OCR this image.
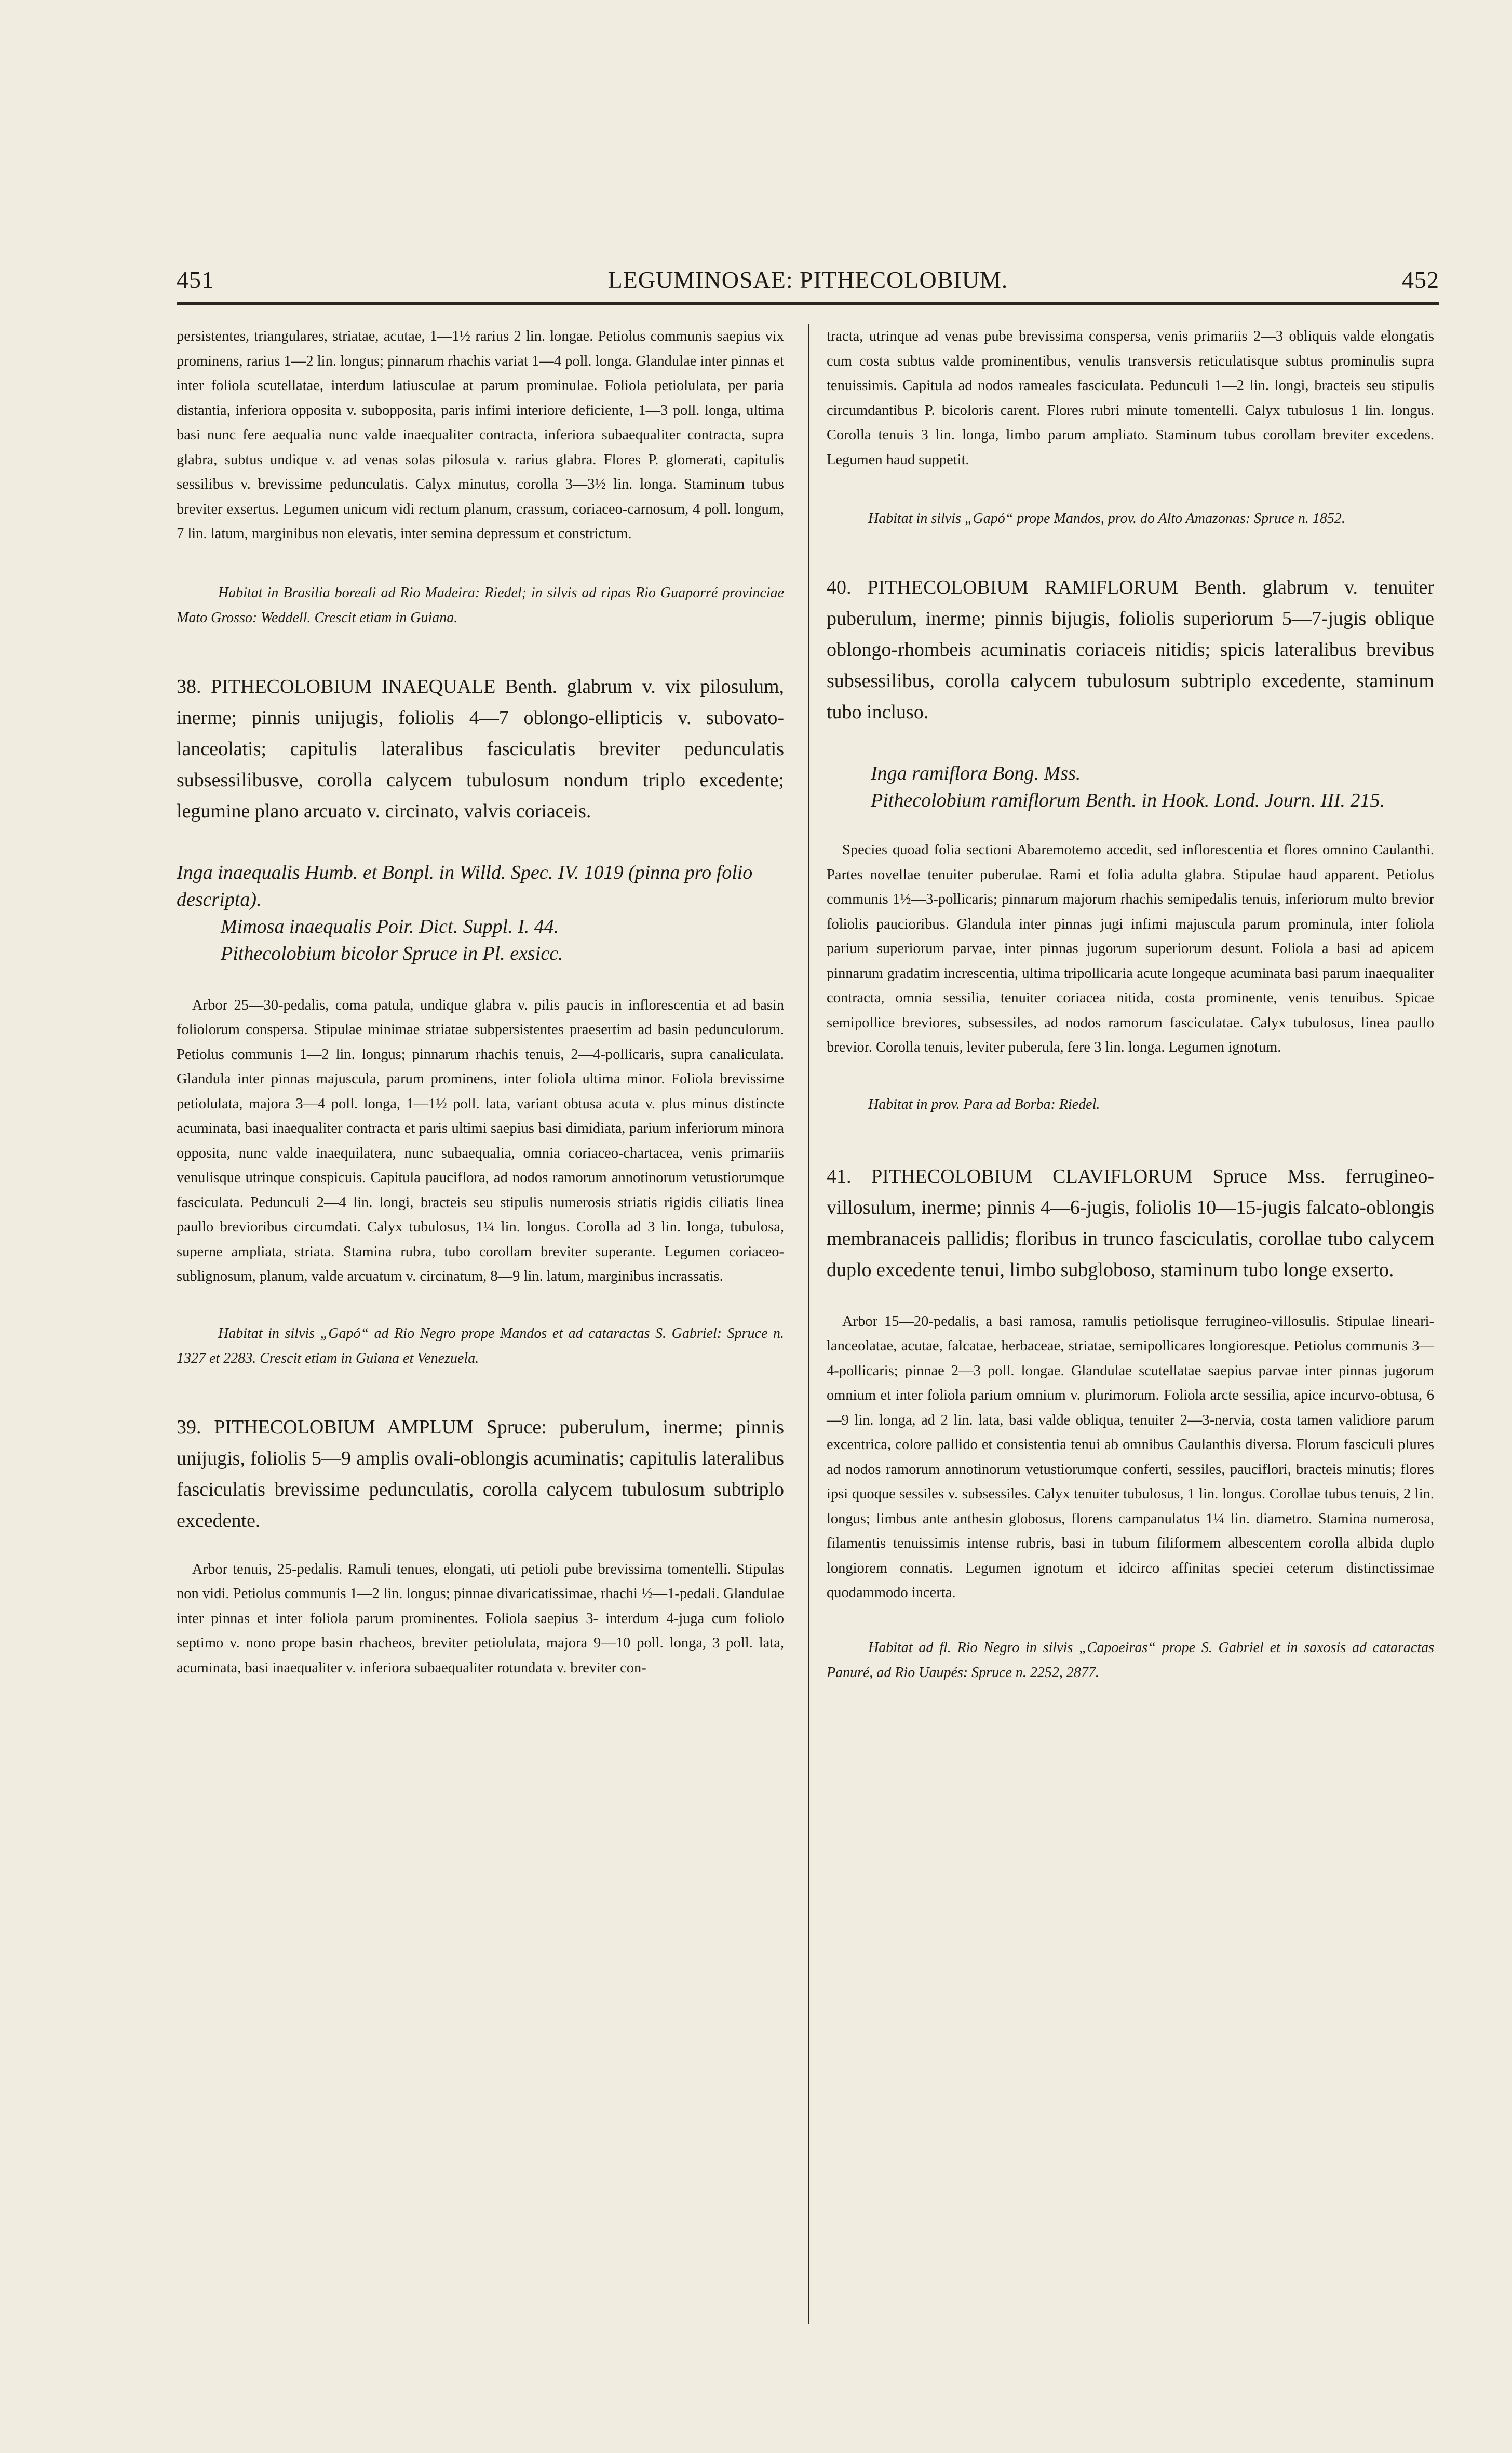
451	LEGUMINOSAE: PITHECOLOBIUM.	452

persistentes, triangulares, striatae, acutae, 1—1½ rarius 2 lin. longae. Petiolus communis saepius vix prominens, rarius 1—2 lin. longus; pinnarum rhachis variat 1—4 poll. longa. Glandulae inter pinnas et inter foliola scutellatae, interdum latiusculae at parum prominulae. Foliola petiolulata, per paria distantia, inferiora opposita v. subopposita, paris infimi interiore deficiente, 1—3 poll. longa, ultima basi nunc fere aequalia nunc valde inaequaliter contracta, inferiora subaequaliter contracta, supra glabra, subtus undique v. ad venas solas pilosula v. rarius glabra. Flores P. glomerati, capitulis sessilibus v. brevissime pedunculatis. Calyx minutus, corolla 3—3½ lin. longa. Staminum tubus breviter exsertus. Legumen unicum vidi rectum planum, crassum, coriaceo-carnosum, 4 poll. longum, 7 lin. latum, marginibus non elevatis, inter semina depressum et constrictum.

Habitat in Brasilia boreali ad Rio Madeira: Riedel; in silvis ad ripas Rio Guaporré provinciae Mato Grosso: Weddell. Crescit etiam in Guiana.

38. PITHECOLOBIUM INAEQUALE Benth. glabrum v. vix pilosulum, inerme; pinnis unijugis, foliolis 4—7 oblongo-ellipticis v. subovato-lanceolatis; capitulis lateralibus fasciculatis breviter pedunculatis subsessilibusve, corolla calycem tubulosum nondum triplo excedente; legumine plano arcuato v. circinato, valvis coriaceis.

Inga inaequalis Humb. et Bonpl. in Willd. Spec. IV. 1019 (pinna pro folio descripta).
Mimosa inaequalis Poir. Dict. Suppl. I. 44.
Pithecolobium bicolor Spruce in Pl. exsicc.

Arbor 25—30-pedalis, coma patula, undique glabra v. pilis paucis in inflorescentia et ad basin foliolorum conspersa. Stipulae minimae striatae subpersistentes praesertim ad basin pedunculorum. Petiolus communis 1—2 lin. longus; pinnarum rhachis tenuis, 2—4-pollicaris, supra canaliculata. Glandula inter pinnas majuscula, parum prominens, inter foliola ultima minor. Foliola brevissime petiolulata, majora 3—4 poll. longa, 1—1½ poll. lata, variant obtusa acuta v. plus minus distincte acuminata, basi inaequaliter contracta et paris ultimi saepius basi dimidiata, parium inferiorum minora opposita, nunc valde inaequilatera, nunc subaequalia, omnia coriaceo-chartacea, venis primariis venulisque utrinque conspicuis. Capitula pauciflora, ad nodos ramorum annotinorum vetustiorumque fasciculata. Pedunculi 2—4 lin. longi, bracteis seu stipulis numerosis striatis rigidis ciliatis linea paullo brevioribus circumdati. Calyx tubulosus, 1¼ lin. longus. Corolla ad 3 lin. longa, tubulosa, superne ampliata, striata. Stamina rubra, tubo corollam breviter superante. Legumen coriaceo-sublignosum, planum, valde arcuatum v. circinatum, 8—9 lin. latum, marginibus incrassatis.

Habitat in silvis „Gapó“ ad Rio Negro prope Mandos et ad cataractas S. Gabriel: Spruce n. 1327 et 2283. Crescit etiam in Guiana et Venezuela.

39. PITHECOLOBIUM AMPLUM Spruce: puberulum, inerme; pinnis unijugis, foliolis 5—9 amplis ovali-oblongis acuminatis; capitulis lateralibus fasciculatis brevissime pedunculatis, corolla calycem tubulosum subtriplo excedente.

Arbor tenuis, 25-pedalis. Ramuli tenues, elongati, uti petioli pube brevissima tomentelli. Stipulas non vidi. Petiolus communis 1—2 lin. longus; pinnae divaricatissimae, rhachi ½—1-pedali. Glandulae inter pinnas et inter foliola parum prominentes. Foliola saepius 3- interdum 4-juga cum foliolo septimo v. nono prope basin rhacheos, breviter petiolulata, majora 9—10 poll. longa, 3 poll. lata, acuminata, basi inaequaliter v. inferiora subaequaliter rotundata v. breviter con-

tracta, utrinque ad venas pube brevissima conspersa, venis primariis 2—3 obliquis valde elongatis cum costa subtus valde prominentibus, venulis transversis reticulatisque subtus prominulis supra tenuissimis. Capitula ad nodos rameales fasciculata. Pedunculi 1—2 lin. longi, bracteis seu stipulis circumdantibus P. bicoloris carent. Flores rubri minute tomentelli. Calyx tubulosus 1 lin. longus. Corolla tenuis 3 lin. longa, limbo parum ampliato. Staminum tubus corollam breviter excedens. Legumen haud suppetit.

Habitat in silvis „Gapó“ prope Mandos, prov. do Alto Amazonas: Spruce n. 1852.

40. PITHECOLOBIUM RAMIFLORUM Benth. glabrum v. tenuiter puberulum, inerme; pinnis bijugis, foliolis superiorum 5—7-jugis oblique oblongo-rhombeis acuminatis coriaceis nitidis; spicis lateralibus brevibus subsessilibus, corolla calycem tubulosum subtriplo excedente, staminum tubo incluso.

Inga ramiflora Bong. Mss.
Pithecolobium ramiflorum Benth. in Hook. Lond. Journ. III. 215.

Species quoad folia sectioni Abaremotemo accedit, sed inflorescentia et flores omnino Caulanthi. Partes novellae tenuiter puberulae. Rami et folia adulta glabra. Stipulae haud apparent. Petiolus communis 1½—3-pollicaris; pinnarum majorum rhachis semipedalis tenuis, inferiorum multo brevior foliolis paucioribus. Glandula inter pinnas jugi infimi majuscula parum prominula, inter foliola parium superiorum parvae, inter pinnas jugorum superiorum desunt. Foliola a basi ad apicem pinnarum gradatim increscentia, ultima tripollicaria acute longeque acuminata basi parum inaequaliter contracta, omnia sessilia, tenuiter coriacea nitida, costa prominente, venis tenuibus. Spicae semipollice breviores, subsessiles, ad nodos ramorum fasciculatae. Calyx tubulosus, linea paullo brevior. Corolla tenuis, leviter puberula, fere 3 lin. longa. Legumen ignotum.

Habitat in prov. Para ad Borba: Riedel.

41. PITHECOLOBIUM CLAVIFLORUM Spruce Mss. ferrugineo-villosulum, inerme; pinnis 4—6-jugis, foliolis 10—15-jugis falcato-oblongis membranaceis pallidis; floribus in trunco fasciculatis, corollae tubo calycem duplo excedente tenui, limbo subgloboso, staminum tubo longe exserto.

Arbor 15—20-pedalis, a basi ramosa, ramulis petiolisque ferrugineo-villosulis. Stipulae lineari-lanceolatae, acutae, falcatae, herbaceae, striatae, semipollicares longioresque. Petiolus communis 3—4-pollicaris; pinnae 2—3 poll. longae. Glandulae scutellatae saepius parvae inter pinnas jugorum omnium et inter foliola parium omnium v. plurimorum. Foliola arcte sessilia, apice incurvo-obtusa, 6—9 lin. longa, ad 2 lin. lata, basi valde obliqua, tenuiter 2—3-nervia, costa tamen validiore parum excentrica, colore pallido et consistentia tenui ab omnibus Caulanthis diversa. Florum fasciculi plures ad nodos ramorum annotinorum vetustiorumque conferti, sessiles, pauciflori, bracteis minutis; flores ipsi quoque sessiles v. subsessiles. Calyx tenuiter tubulosus, 1 lin. longus. Corollae tubus tenuis, 2 lin. longus; limbus ante anthesin globosus, florens campanulatus 1¼ lin. diametro. Stamina numerosa, filamentis tenuissimis intense rubris, basi in tubum filiformem albescentem corolla albida duplo longiorem connatis. Legumen ignotum et idcirco affinitas speciei ceterum distinctissimae quodammodo incerta.

Habitat ad fl. Rio Negro in silvis „Capoeiras“ prope S. Gabriel et in saxosis ad cataractas Panuré, ad Rio Uaupés: Spruce n. 2252, 2877.
